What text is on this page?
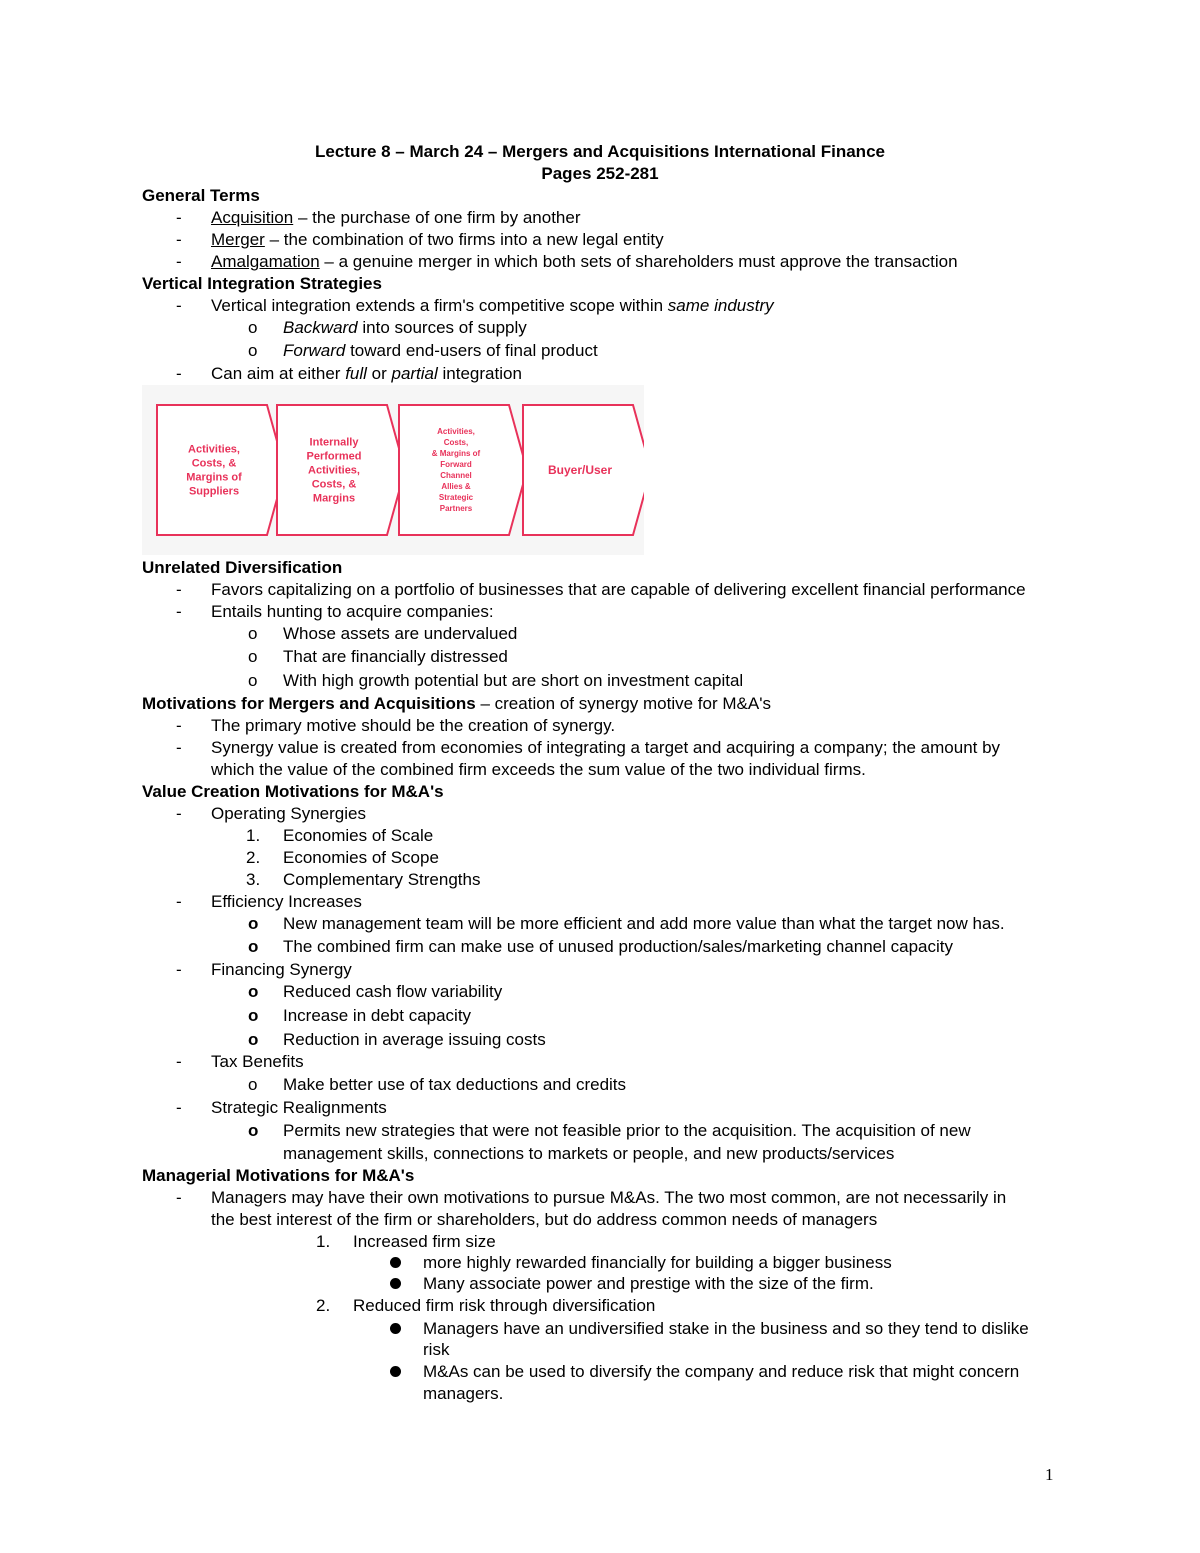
Lecture 8 – March 24 – Mergers and Acquisitions International Finance
Pages 252-281
General Terms
- Acquisition – the purchase of one firm by another
- Merger – the combination of two firms into a new legal entity
- Amalgamation – a genuine merger in which both sets of shareholders must approve the transaction
Vertical Integration Strategies
- Vertical integration extends a firm's competitive scope within same industry
o Backward into sources of supply
o Forward toward end-users of final product
- Can aim at either full or partial integration
Activities,
Costs, &
Margins of
Suppliers
Internally
Performed
Activities,
Costs, &
Margins
Activities,
Costs,
& Margins of
Forward
Channel
Allies &
Strategic
Partners
Buyer/User
Unrelated Diversification
- Favors capitalizing on a portfolio of businesses that are capable of delivering excellent financial performance
- Entails hunting to acquire companies:
o Whose assets are undervalued
o That are financially distressed
o With high growth potential but are short on investment capital
Motivations for Mergers and Acquisitions – creation of synergy motive for M&A's
- The primary motive should be the creation of synergy.
- Synergy value is created from economies of integrating a target and acquiring a company; the amount by
which the value of the combined firm exceeds the sum value of the two individual firms.
Value Creation Motivations for M&A's
- Operating Synergies
1. Economies of Scale
2. Economies of Scope
3. Complementary Strengths
- Efficiency Increases
o New management team will be more efficient and add more value than what the target now has.
o The combined firm can make use of unused production/sales/marketing channel capacity
- Financing Synergy
o Reduced cash flow variability
o Increase in debt capacity
o Reduction in average issuing costs
- Tax Benefits
o Make better use of tax deductions and credits
- Strategic Realignments
o Permits new strategies that were not feasible prior to the acquisition. The acquisition of new
management skills, connections to markets or people, and new products/services
Managerial Motivations for M&A's
- Managers may have their own motivations to pursue M&As. The two most common, are not necessarily in
the best interest of the firm or shareholders, but do address common needs of managers
1. Increased firm size
more highly rewarded financially for building a bigger business
Many associate power and prestige with the size of the firm.
2. Reduced firm risk through diversification
Managers have an undiversified stake in the business and so they tend to dislike
risk
M&As can be used to diversify the company and reduce risk that might concern
managers.
1
